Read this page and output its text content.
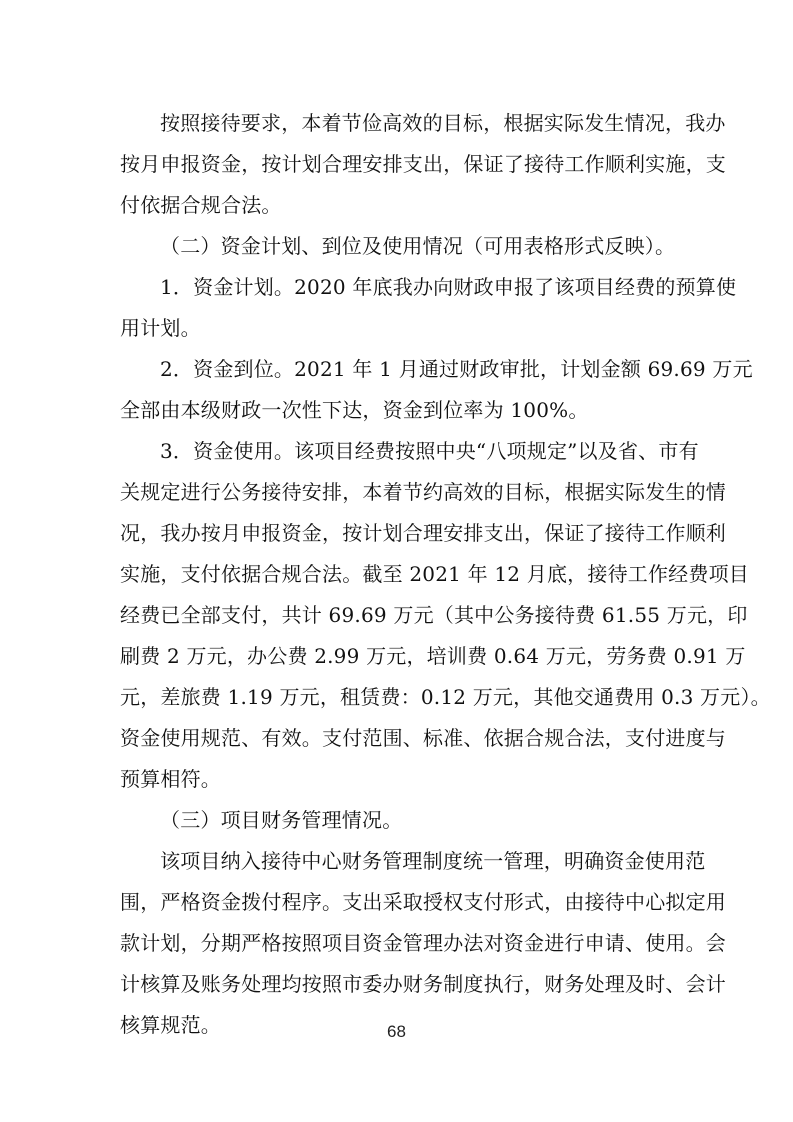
按照接待要求，本着节俭高效的目标，根据实际发生情况，我办
按月申报资金，按计划合理安排支出，保证了接待工作顺利实施，支
付依据合规合法。
（二）资金计划、到位及使用情况（可用表格形式反映）。
1．资金计划。2020 年底我办向财政申报了该项目经费的预算使
用计划。
2．资金到位。2021 年 1 月通过财政审批，计划金额 69.69 万元
全部由本级财政一次性下达，资金到位率为 100%。
3．资金使用。该项目经费按照中央“八项规定”以及省、市有
关规定进行公务接待安排，本着节约高效的目标，根据实际发生的情
况，我办按月申报资金，按计划合理安排支出，保证了接待工作顺利
实施，支付依据合规合法。截至 2021 年 12 月底，接待工作经费项目
经费已全部支付，共计 69.69 万元（其中公务接待费 61.55 万元，印
刷费 2 万元，办公费 2.99 万元，培训费 0.64 万元，劳务费 0.91 万
元，差旅费 1.19 万元，租赁费：0.12 万元，其他交通费用 0.3 万元）。
资金使用规范、有效。支付范围、标准、依据合规合法，支付进度与
预算相符。
（三）项目财务管理情况。
该项目纳入接待中心财务管理制度统一管理，明确资金使用范
围，严格资金拨付程序。支出采取授权支付形式，由接待中心拟定用
款计划，分期严格按照项目资金管理办法对资金进行申请、使用。会
计核算及账务处理均按照市委办财务制度执行，财务处理及时、会计
核算规范。	68
